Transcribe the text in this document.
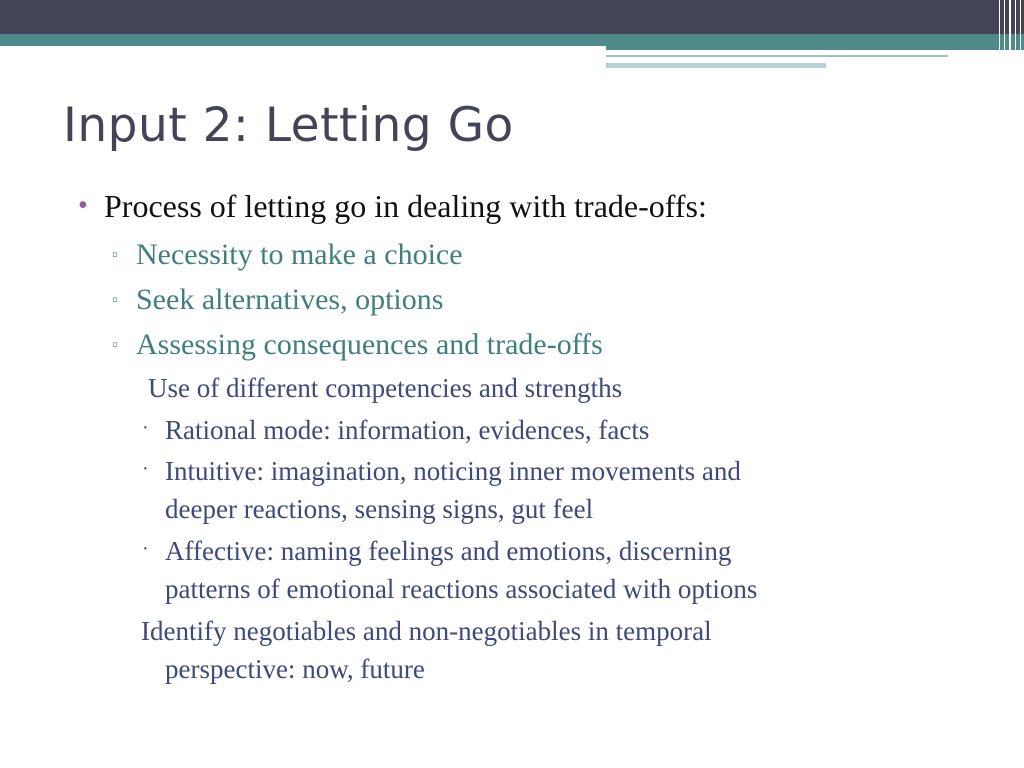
Input 2: Letting Go
• Process of letting go in dealing with trade-offs:
▫ Necessity to make a choice
▫ Seek alternatives, options
▫ Assessing consequences and trade-offs
Use of different competencies and strengths
· Rational mode: information, evidences, facts
· Intuitive: imagination, noticing inner movements and
deeper reactions, sensing signs, gut feel
· Affective: naming feelings and emotions, discerning
patterns of emotional reactions associated with options
Identify negotiables and non-negotiables in temporal
perspective: now, future
